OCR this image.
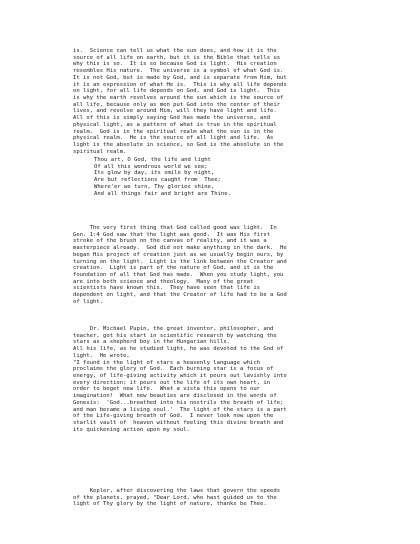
is.  Science can tell us what the sun does, and how it is the
source of all life on earth, but it is the Bible that tells us
why this is so.  It is so because God is light.  His creation
resembles His nature.  The universe is a symbol of what God is.
It is not God, but is made by God, and is separate from Him, but
it is an expression of what He is.  This is why all life depends
on light, for all life depends on God, and God is light.  This
is why the earth revolves around the sun which is the source of
all life, because only as men put God into the center of their
lives, and revolve around Him, will they have light and life.
All of this is simply saying God has made the universe, and
physical light, as a pattern of what is true in the spiritual
realm.  God is in the spiritual realm what the sun is in the
physical realm.  He is the source of all light and life.  As
light is the absolute in science, so God is the absolute in the
spiritual realm.
Thou art, O God, the life and light
Of all this wondrous world we see;
Its glow by day, its smile by night,
Are but reflections caught from  Thee;
Where'er we turn, Thy glories shine,
And all things fair and bright are Thine.
The very first thing that God called good was light.  In
Gen. 1:4 God saw that the light was good.  It was His first
stroke of the brush on the canvas of reality, and it was a
masterpiece already.  God did not make anything in the dark.  He
began His project of creation just as we usually begin ours, by
turning on the light.  Light is the link between the Creator and
creation.  Light is part of the nature of God, and it is the
foundation of all that God has made.  When you study light, you
are into both science and theology.  Many of the great
scientists have known this.  They have seen that life is
dependent on light, and that the Creator of life had to be a God
of light.
Dr. Michael Pupin, the great inventor, philosopher, and
teacher, got his start in scientific research by watching the
stars as a shepherd boy in the Hungarian hills.
All his life, as he studied light, he was devoted to the God of
light.  He wrote,
"I found in the light of stars a heavenly language which
proclaims the glory of God.  Each burning star is a focus of
energy, of life-giving activity which it pours out lavishly into
every direction; it pours out the life of its own heart, in
order to beget new life.  What a vista this opens to our
imagination!  What new beauties are disclosed in the words of
Genesis:  'God...breathed into his nostrils the breath of life;
and man became a living soul.'  The light of the stars is a part
of the Life-giving breath of God.  I never look now upon the
starlit vault of  heaven without feeling this divine breath and
its quickening action upon my soul.
Kepler, after discovering the laws that govern the speeds
of the planets, prayed, "Dear Lord, who hast guided us to the
light of Thy glory by the light of nature, thanks be Thee.
